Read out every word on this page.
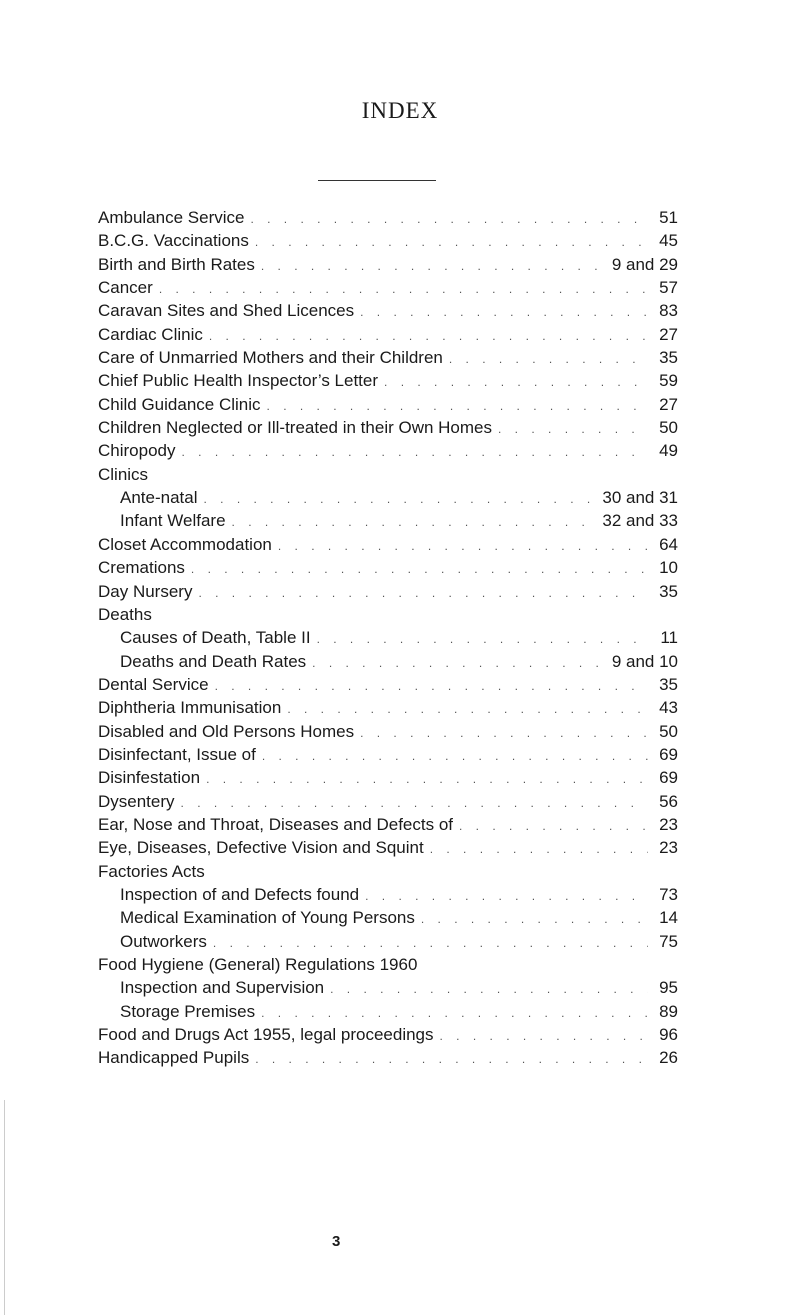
INDEX
Ambulance Service . . .	51
B.C.G. Vaccinations . . .	45
Birth and Birth Rates . . .	9 and 29
Cancer . . .	57
Caravan Sites and Shed Licences . . .	83
Cardiac Clinic . . .	27
Care of Unmarried Mothers and their Children . . .	35
Chief Public Health Inspector’s Letter . . .	59
Child Guidance Clinic . . .	27
Children Neglected or Ill-treated in their Own Homes . . .	50
Chiropody . . .	49
Clinics
Ante-natal . . .	30 and 31
Infant Welfare . . .	32 and 33
Closet Accommodation . . .	64
Cremations . . .	10
Day Nursery . . .	35
Deaths
Causes of Death, Table II . . .	11
Deaths and Death Rates . . .	9 and 10
Dental Service . . .	35
Diphtheria Immunisation . . .	43
Disabled and Old Persons Homes . . .	50
Disinfectant, Issue of . . .	69
Disinfestation . . .	69
Dysentery . . .	56
Ear, Nose and Throat, Diseases and Defects of . . .	23
Eye, Diseases, Defective Vision and Squint . . .	23
Factories Acts
Inspection of and Defects found . . .	73
Medical Examination of Young Persons . . .	14
Outworkers . . .	75
Food Hygiene (General) Regulations 1960
Inspection and Supervision . . .	95
Storage Premises . . .	89
Food and Drugs Act 1955, legal proceedings . . .	96
Handicapped Pupils . . .	26
3
